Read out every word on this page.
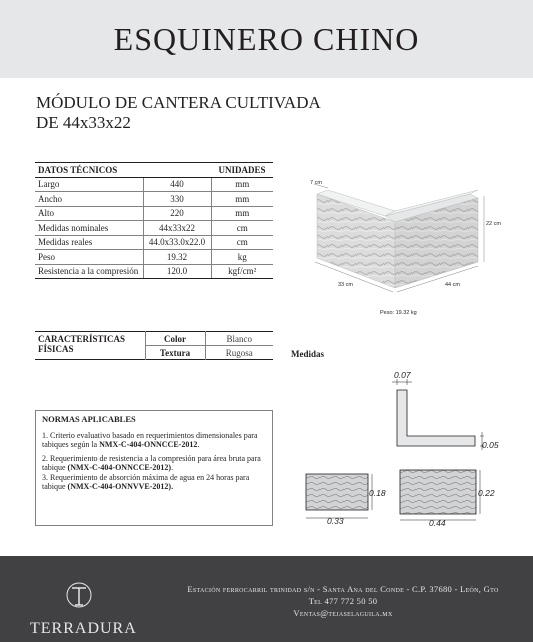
ESQUINERO CHINO
MÓDULO DE CANTERA CULTIVADA
DE 44x33x22
DATOS TÉCNICOS		UNIDADES
Largo	440	mm
Ancho	330	mm
Alto	220	mm
Medidas nominales	44x33x22	cm
Medidas reales	44.0x33.0x22.0	cm
Peso	19.32	kg
Resistencia a la compresión	120.0	kgf/cm²
7 cm
22 cm
33 cm	44 cm
Peso: 19.32 kg
CARACTERÍSTICAS FÍSICAS	Color	Blanco
	Textura	Rugosa	Medidas
0.07
0.05
0.18
0.33
0.22
0.44
NORMAS APLICABLES

1. Criterio evaluativo basado en requerimientos dimensionales para tabiques según la NMX-C-404-ONNCCE-2012.

2. Requerimiento de resistencia a la compresión para área bruta para tabique (NMX-C-404-ONNCCE-2012).

3. Requerimiento de absorción máxima de agua en 24 horas para tabique (NMX-C-404-ONNVVE-2012).

TERRADURA
Estación ferrocarril trinidad s/n - Santa Ana del Conde - C.P. 37680 - León, Gto
Tel 477 772 50 50
Ventas@tejaselaguila.mx
